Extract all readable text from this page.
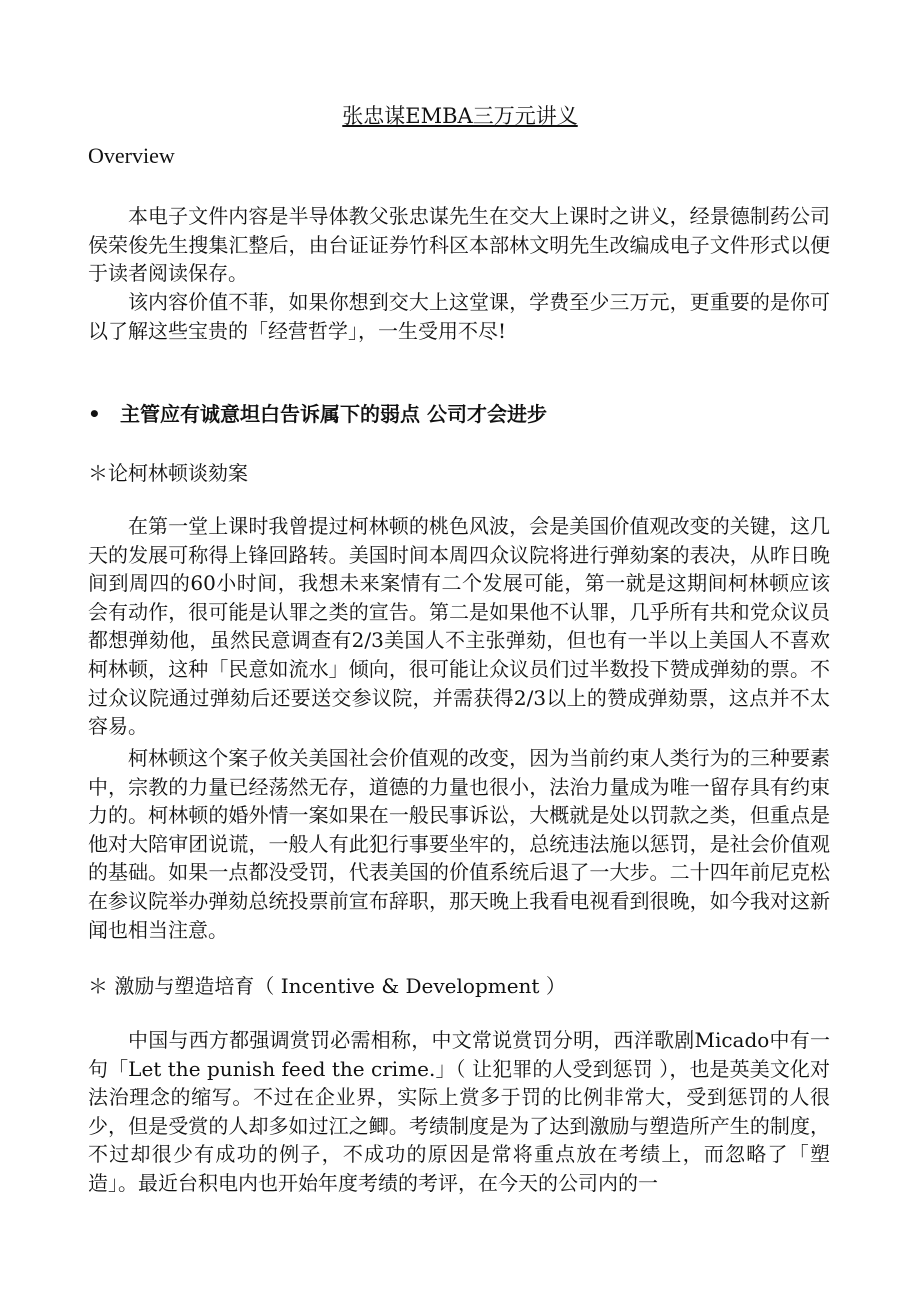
张忠谋EMBA三万元讲义

Overview

本电子文件内容是半导体教父张忠谋先生在交大上课时之讲义，经景德制药公司侯荣俊先生搜集汇整后，由台证证券竹科区本部林文明先生改编成电子文件形式以便于读者阅读保存。

该内容价值不菲，如果你想到交大上这堂课，学费至少三万元，更重要的是你可以了解这些宝贵的「经营哲学」，一生受用不尽!

• 主管应有诚意坦白告诉属下的弱点 公司才会进步

＊论柯林顿谈劾案

在第一堂上课时我曾提过柯林顿的桃色风波，会是美国价值观改变的关键，这几天的发展可称得上锋回路转。美国时间本周四众议院将进行弹劾案的表决，从昨日晚间到周四的60小时间，我想未来案情有二个发展可能，第一就是这期间柯林顿应该会有动作，很可能是认罪之类的宣告。第二是如果他不认罪，几乎所有共和党众议员都想弹劾他，虽然民意调查有2/3美国人不主张弹劾，但也有一半以上美国人不喜欢柯林顿，这种「民意如流水」倾向，很可能让众议员们过半数投下赞成弹劾的票。不过众议院通过弹劾后还要送交参议院，并需获得2/3以上的赞成弹劾票，这点并不太容易。

柯林顿这个案子攸关美国社会价值观的改变，因为当前约束人类行为的三种要素中，宗教的力量已经荡然无存，道德的力量也很小，法治力量成为唯一留存具有约束力的。柯林顿的婚外情一案如果在一般民事诉讼，大概就是处以罚款之类，但重点是他对大陪审团说谎，一般人有此犯行事要坐牢的，总统违法施以惩罚，是社会价值观的基础。如果一点都没受罚，代表美国的价值系统后退了一大步。二十四年前尼克松在参议院举办弹劾总统投票前宣布辞职，那天晚上我看电视看到很晚，如今我对这新闻也相当注意。

＊ 激励与塑造培育（ Incentive & Development ）

中国与西方都强调赏罚必需相称，中文常说赏罚分明，西洋歌剧Micado中有一句「Let the punish feed the crime.」（ 让犯罪的人受到惩罚 ），也是英美文化对法治理念的缩写。不过在企业界，实际上赏多于罚的比例非常大，受到惩罚的人很少，但是受赏的人却多如过江之鲫。考绩制度是为了达到激励与塑造所产生的制度，不过却很少有成功的例子，不成功的原因是常将重点放在考绩上，而忽略了「塑造」。最近台积电内也开始年度考绩的考评，在今天的公司内的一
